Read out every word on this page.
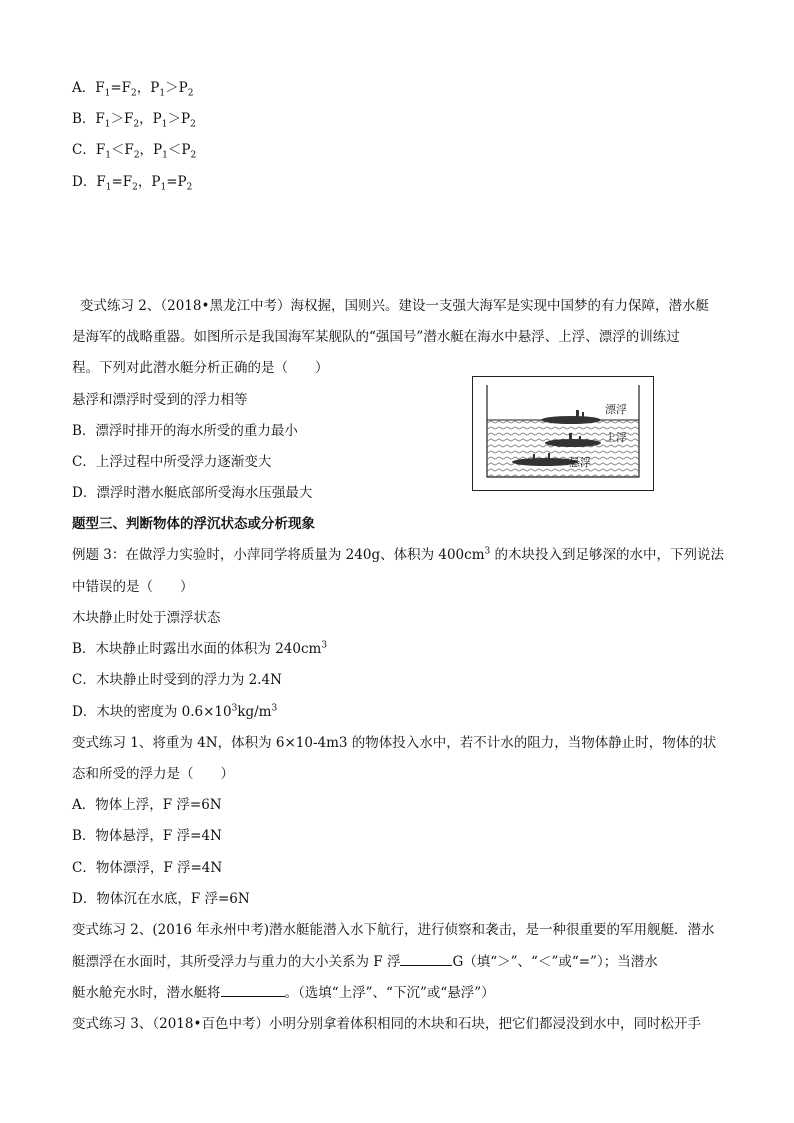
A．$F_1=F_2$，$P_1>P_2$
B．$F_1>F_2$，$P_1>P_2$
C．$F_1<F_2$，$P_1<P_2$
D．$F_1=F_2$，$P_1=P_2$
变式练习 2、（2018•黑龙江中考）海权握，国则兴。建设一支强大海军是实现中国梦的有力保障，潜水艇
是海军的战略重器。如图所示是我国海军某舰队的“强国号”潜水艇在海水中悬浮、上浮、漂浮的训练过
程。下列对此潜水艇分析正确的是（　　）
悬浮和漂浮时受到的浮力相等
B．漂浮时排开的海水所受的重力最小
C．上浮过程中所受浮力逐渐变大
D．漂浮时潜水艇底部所受海水压强最大
漂浮
上浮
悬浮
题型三、判断物体的浮沉状态或分析现象
例题 3：在做浮力实验时，小萍同学将质量为 240g、体积为 $400cm^3$ 的木块投入到足够深的水中，下列说法
中错误的是（　　）
木块静止时处于漂浮状态
B．木块静止时露出水面的体积为 $240cm^3$
C．木块静止时受到的浮力为 2.4N
D．木块的密度为 $0.6\times 10^3kg/m^3$
变式练习 1、将重为 4N，体积为 6×10-4m3 的物体投入水中，若不计水的阻力，当物体静止时，物体的状
态和所受的浮力是（　　）
A．物体上浮，F 浮=6N
B．物体悬浮，F 浮=4N
C．物体漂浮，F 浮=4N
D．物体沉在水底，F 浮=6N
变式练习 2、(2016 年永州中考)潜水艇能潜入水下航行，进行侦察和袭击，是一种很重要的军用舰艇．潜水
艇漂浮在水面时，其所受浮力与重力的大小关系为 F 浮	G（填“＞”、“＜”或“=”）；当潜水
艇水舱充水时，潜水艇将	。（选填“上浮”、“下沉”或“悬浮”）
变式练习 3、（2018•百色中考）小明分别拿着体积相同的木块和石块，把它们都浸没到水中，同时松开手
